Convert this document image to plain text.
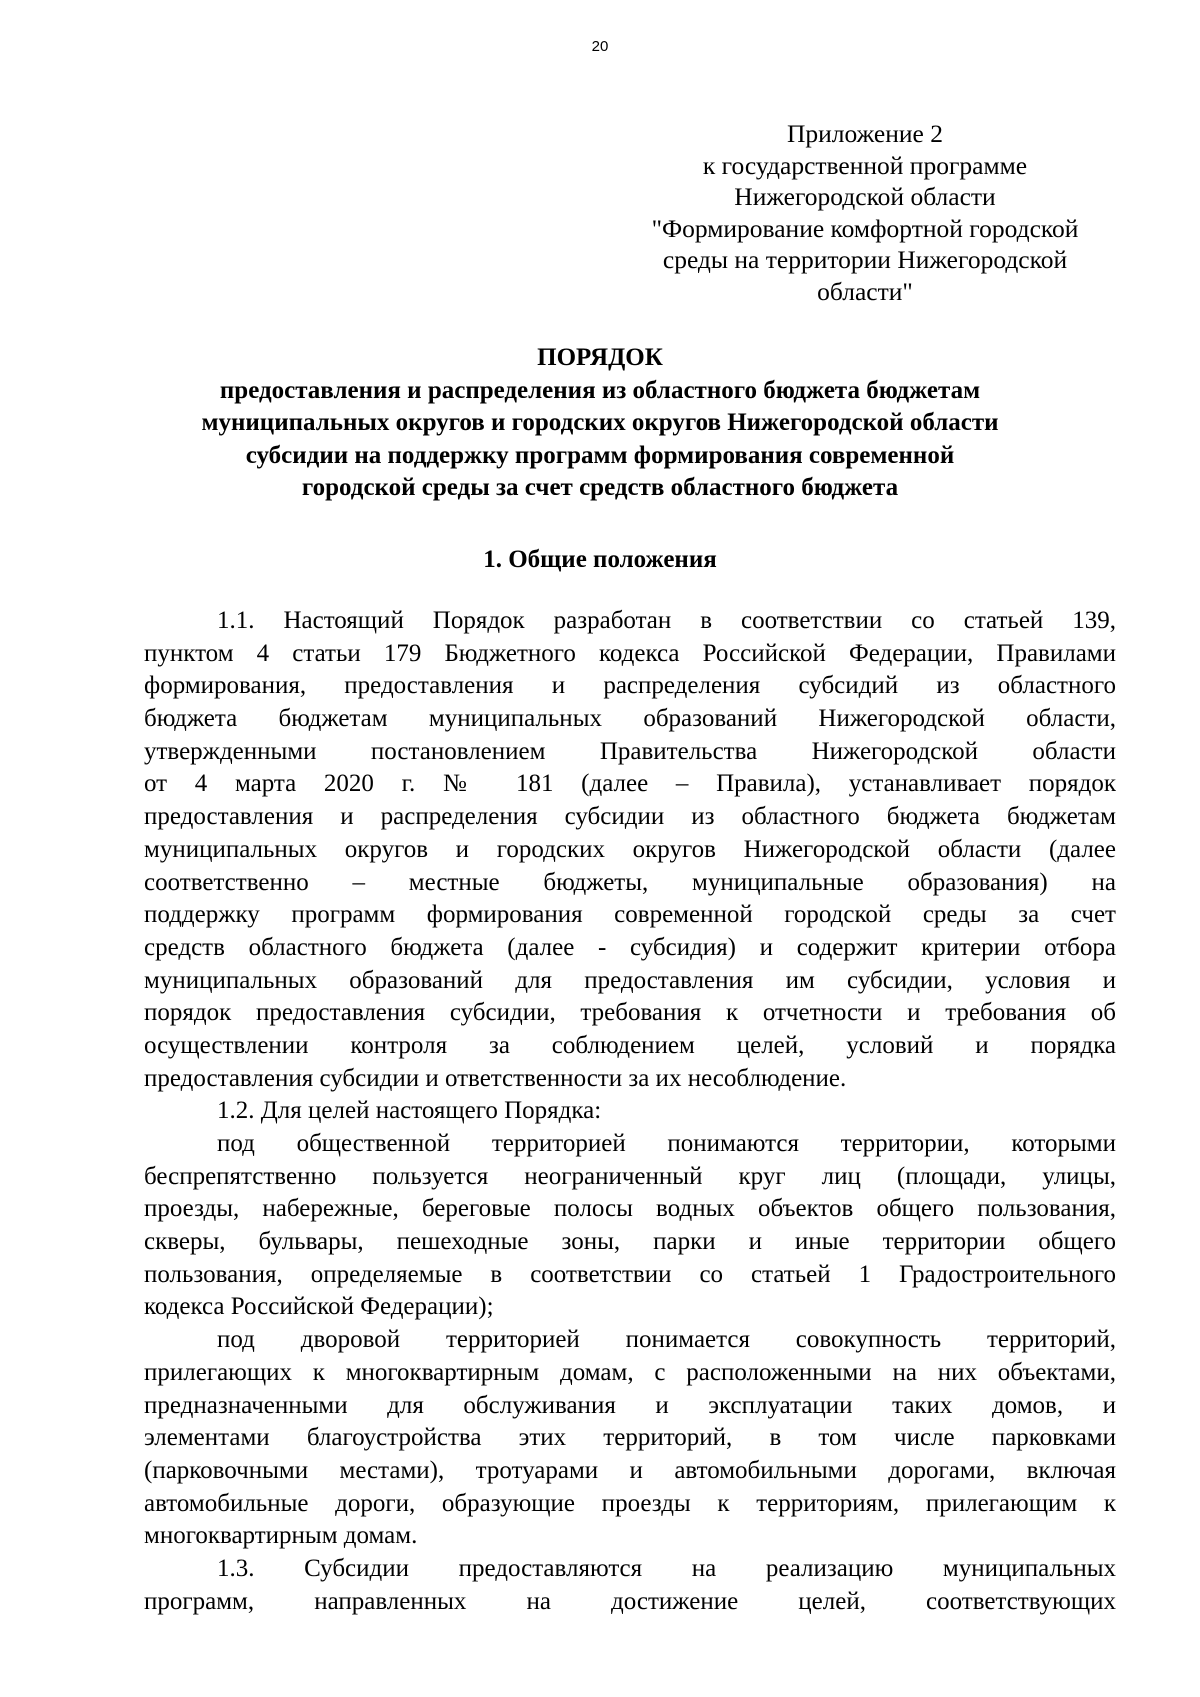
20
Приложение 2
к государственной программе
Нижегородской области
"Формирование комфортной городской
среды на территории Нижегородской
области"
ПОРЯДОК
предоставления и распределения из областного бюджета бюджетам
муниципальных округов и городских округов Нижегородской области
субсидии на поддержку программ формирования современной
городской среды за счет средств областного бюджета
1. Общие положения
1.1. Настоящий Порядок разработан в соответствии со статьей 139,
пунктом 4 статьи 179 Бюджетного кодекса Российской Федерации, Правилами
формирования, предоставления и распределения субсидий из областного
бюджета бюджетам муниципальных образований Нижегородской области,
утвержденными постановлением Правительства Нижегородской области
от 4 марта 2020 г. № 181 (далее – Правила), устанавливает порядок
предоставления и распределения субсидии из областного бюджета бюджетам
муниципальных округов и городских округов Нижегородской области (далее
соответственно – местные бюджеты, муниципальные образования) на
поддержку программ формирования современной городской среды за счет
средств областного бюджета (далее - субсидия) и содержит критерии отбора
муниципальных образований для предоставления им субсидии, условия и
порядок предоставления субсидии, требования к отчетности и требования об
осуществлении контроля за соблюдением целей, условий и порядка
предоставления субсидии и ответственности за их несоблюдение.
1.2. Для целей настоящего Порядка:
под общественной территорией понимаются территории, которыми
беспрепятственно пользуется неограниченный круг лиц (площади, улицы,
проезды, набережные, береговые полосы водных объектов общего пользования,
скверы, бульвары, пешеходные зоны, парки и иные территории общего
пользования, определяемые в соответствии со статьей 1 Градостроительного
кодекса Российской Федерации);
под дворовой территорией понимается совокупность территорий,
прилегающих к многоквартирным домам, с расположенными на них объектами,
предназначенными для обслуживания и эксплуатации таких домов, и
элементами благоустройства этих территорий, в том числе парковками
(парковочными местами), тротуарами и автомобильными дорогами, включая
автомобильные дороги, образующие проезды к территориям, прилегающим к
многоквартирным домам.
1.3. Субсидии предоставляются на реализацию муниципальных
программ, направленных на достижение целей, соответствующих
